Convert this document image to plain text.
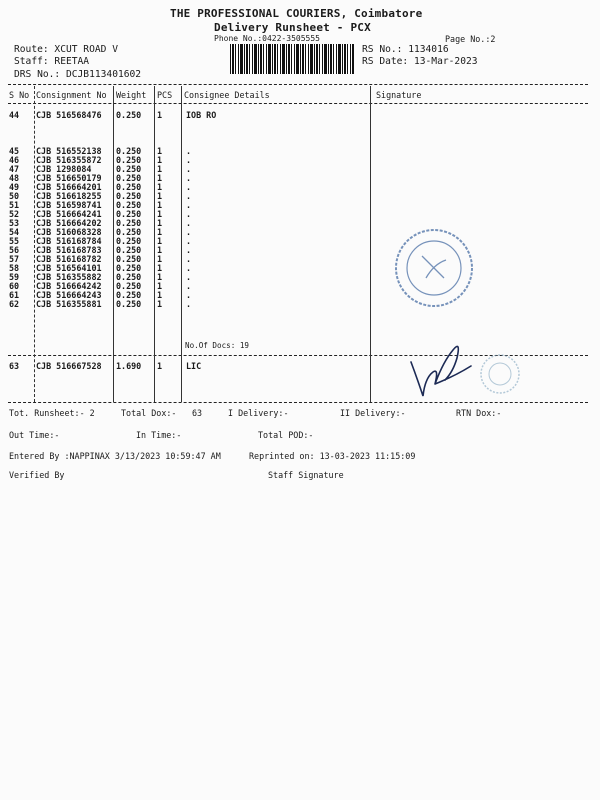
THE PROFESSIONAL COURIERS, Coimbatore
Delivery Runsheet - PCX
Phone No.:0422-3505555	Page No.:2
Route: XCUT ROAD V
Staff: REETAA
DRS No.: DCJB113401602
RS No.: 1134016
RS Date: 13-Mar-2023
S No Consignment No Weight PCS Consignee Details	Signature
44 CJB 516568476 0.250 1	IOB RO
45 CJB 516552138 0.250 1	.
46 CJB 516355872 0.250 1	.
47 CJB 1298084	0.250 1	.
48 CJB 516650179 0.250 1	.
49 CJB 516664201 0.250 1	.
50 CJB 516618255 0.250 1	.
51 CJB 516598741 0.250 1	.
52 CJB 516664241 0.250 1	.
53 CJB 516664202 0.250 1	.
54 CJB 516068328 0.250 1	.
55 CJB 516168784 0.250 1	.
56 CJB 516168783 0.250 1	.
57 CJB 516168782 0.250 1	.
58 CJB 516564101 0.250 1	.
59 CJB 516355882 0.250 1	.
60 CJB 516664242 0.250 1	.
61 CJB 516664243 0.250 1	.
62 CJB 516355881 0.250 1	.
No.Of Docs: 19
63 CJB 516667528 1.690 1	LIC
Tot. Runsheet:- 2	Total Dox:- 63	I Delivery:-	II Delivery:-	RTN Dox:-
Out Time:-	In Time:-	Total POD:-
Entered By :NAPPINAX 3/13/2023 10:59:47 AM	Reprinted on: 13-03-2023 11:15:09
Verified By	Staff Signature
